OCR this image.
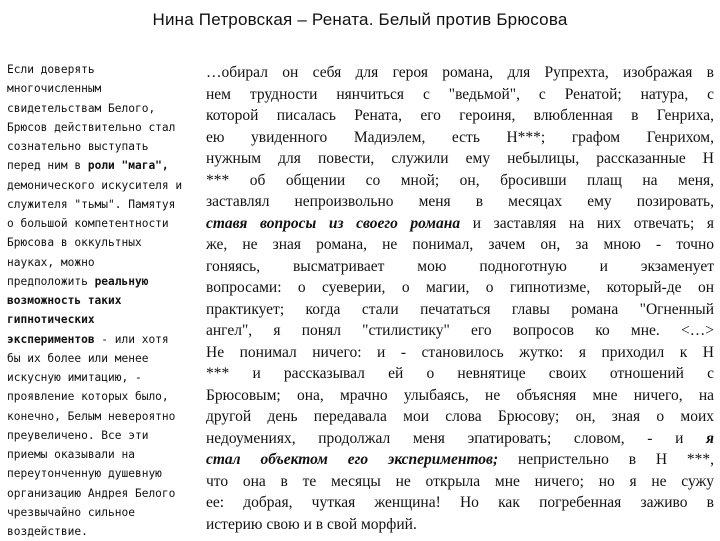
Нина Петровская – Рената. Белый против Брюсова
Если доверять
многочисленным
свидетельствам Белого,
Брюсов действительно стал
сознательно выступать
перед ним в роли "мага",
демонического искусителя и
служителя "тьмы". Памятуя
о большой компетентности
Брюсова в оккультных
науках, можно
предположить реальную
возможность таких
гипнотических
экспериментов - или хотя
бы их более или менее
искусную имитацию, -
проявление которых было,
конечно, Белым невероятно
преувеличено. Все эти
приемы оказывали на
переутонченную душевную
организацию Андрея Белого
чрезвычайно сильное
воздействие.
…обирал он себя для героя романа, для Рупрехта, изображая в
нем трудности нянчиться с "ведьмой", с Ренатой; натура, с
которой писалась Рената, его героиня, влюбленная в Генриха,
ею увиденного Мадиэлем, есть Н***; графом Генрихом,
нужным для повести, служили ему небылицы, рассказанные Н
*** об общении со мной; он, бросивши плащ на меня,
заставлял непроизвольно меня в месяцах ему позировать,
ставя вопросы из своего романа и заставляя на них отвечать; я
же, не зная романа, не понимал, зачем он, за мною - точно
гоняясь, высматривает мою подноготную и экзаменует
вопросами: о суеверии, о магии, о гипнотизме, который-де он
практикует; когда стали печататься главы романа "Огненный
ангел", я понял "стилистику" его вопросов ко мне. <…>
Не понимал ничего: и - становилось жутко: я приходил к Н
*** и рассказывал ей о невнятице своих отношений с
Брюсовым; она, мрачно улыбаясь, не объясняя мне ничего, на
другой день передавала мои слова Брюсову; он, зная о моих
недоумениях, продолжал меня эпатировать; словом, - и я
стал объектом его экспериментов; непристельно в Н ***,
что она в те месяцы не открыла мне ничего; но я не сужу
ее: добрая, чуткая женщина! Но как погребенная заживо в
истерию свою и в свой морфий.
